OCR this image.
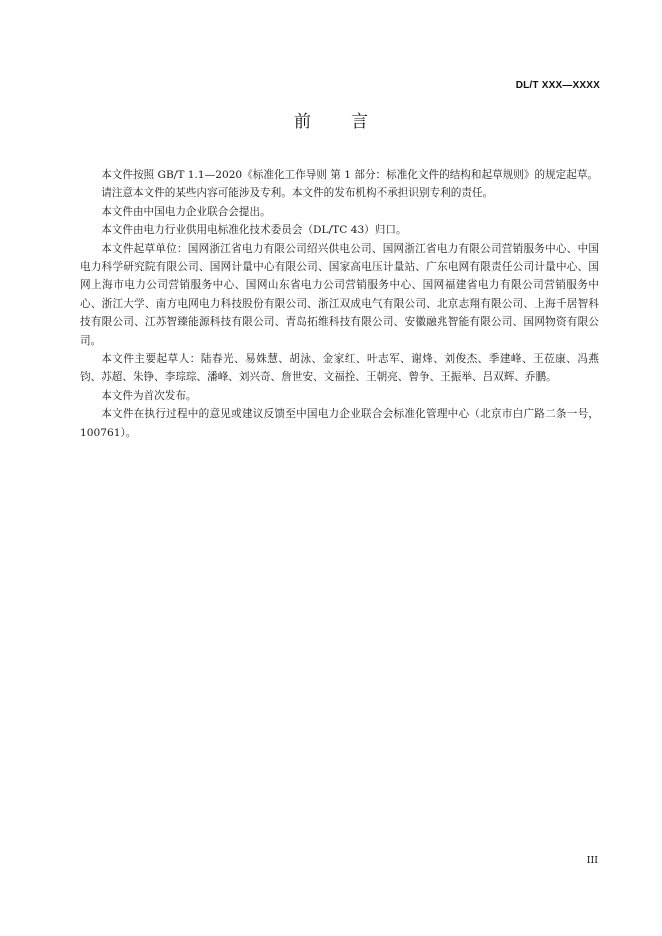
DL/T XXX—XXXX
前言

本文件按照 GB/T 1.1—2020《标准化工作导则 第 1 部分：标准化文件的结构和起草规则》的规定起草。

请注意本文件的某些内容可能涉及专利。本文件的发布机构不承担识别专利的责任。

本文件由中国电力企业联合会提出。

本文件由电力行业供用电标准化技术委员会（DL/TC 43）归口。

本文件起草单位：国网浙江省电力有限公司绍兴供电公司、国网浙江省电力有限公司营销服务中心、中国电力科学研究院有限公司、国网计量中心有限公司、国家高电压计量站、广东电网有限责任公司计量中心、国网上海市电力公司营销服务中心、国网山东省电力公司营销服务中心、国网福建省电力有限公司营销服务中心、浙江大学、南方电网电力科技股份有限公司、浙江双成电气有限公司、北京志翔有限公司、上海千居智科技有限公司、江苏智臻能源科技有限公司、青岛拓维科技有限公司、安徽融兆智能有限公司、国网物资有限公司。

本文件主要起草人：陆春光、易姝慧、胡泳、金家红、叶志军、谢烽、刘俊杰、季建峰、王莅康、冯燕钧、苏超、朱铮、李琮琮、潘峰、刘兴奇、詹世安、文福拴、王朝亮、曾争、王振举、吕双辉、乔鹏。

本文件为首次发布。

本文件在执行过程中的意见或建议反馈至中国电力企业联合会标准化管理中心（北京市白广路二条一号，100761）。

III
